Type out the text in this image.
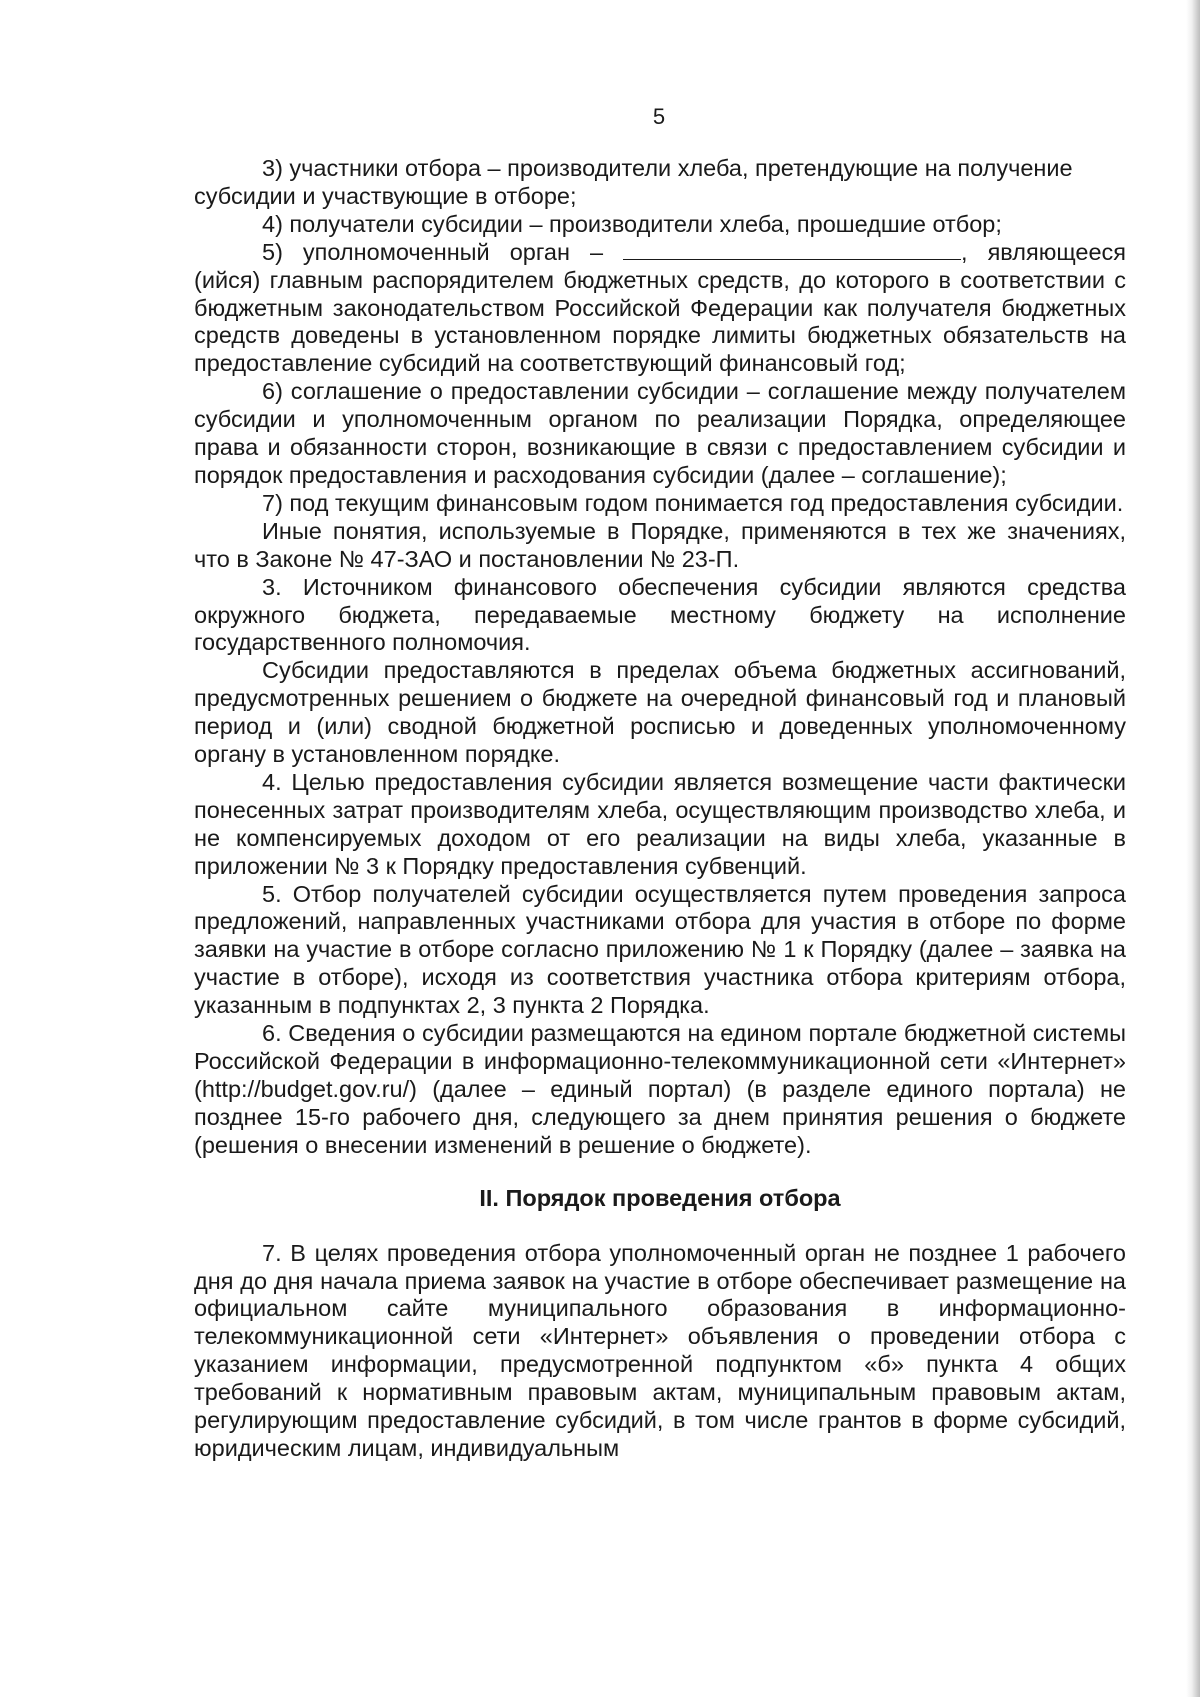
5

3) участники отбора – производители хлеба, претендующие на получение субсидии и участвующие в отборе;

4) получатели субсидии – производители хлеба, прошедшие отбор;

5) уполномоченный орган –	, являющееся (ийся) главным распорядителем бюджетных средств, до которого в соответствии с бюджетным законодательством Российской Федерации как получателя бюджетных средств доведены в установленном порядке лимиты бюджетных обязательств на предоставление субсидий на соответствующий финансовый год;

6) соглашение о предоставлении субсидии – соглашение между получателем субсидии и уполномоченным органом по реализации Порядка, определяющее права и обязанности сторон, возникающие в связи с предоставлением субсидии и порядок предоставления и расходования субсидии (далее – соглашение);

7) под текущим финансовым годом понимается год предоставления субсидии.

Иные понятия, используемые в Порядке, применяются в тех же значениях, что в Законе № 47-ЗАО и постановлении № 23-П.

3. Источником финансового обеспечения субсидии являются средства окружного бюджета, передаваемые местному бюджету на исполнение государственного полномочия.

Субсидии предоставляются в пределах объема бюджетных ассигнований, предусмотренных решением о бюджете на очередной финансовый год и плановый период и (или) сводной бюджетной росписью и доведенных уполномоченному органу в установленном порядке.

4. Целью предоставления субсидии является возмещение части фактически понесенных затрат производителям хлеба, осуществляющим производство хлеба, и не компенсируемых доходом от его реализации на виды хлеба, указанные в приложении № 3 к Порядку предоставления субвенций.

5. Отбор получателей субсидии осуществляется путем проведения запроса предложений, направленных участниками отбора для участия в отборе по форме заявки на участие в отборе согласно приложению № 1 к Порядку (далее – заявка на участие в отборе), исходя из соответствия участника отбора критериям отбора, указанным в подпунктах 2, 3 пункта 2 Порядка.

6. Сведения о субсидии размещаются на едином портале бюджетной системы Российской Федерации в информационно-телекоммуникационной сети «Интернет» (http://budget.gov.ru/) (далее – единый портал) (в разделе единого портала) не позднее 15-го рабочего дня, следующего за днем принятия решения о бюджете (решения о внесении изменений в решение о бюджете).

II. Порядок проведения отбора

7. В целях проведения отбора уполномоченный орган не позднее 1 рабочего дня до дня начала приема заявок на участие в отборе обеспечивает размещение на официальном сайте муниципального образования в информационно-телекоммуникационной сети «Интернет» объявления о проведении отбора с указанием информации, предусмотренной подпунктом «б» пункта 4 общих требований к нормативным правовым актам, муниципальным правовым актам, регулирующим предоставление субсидий, в том числе грантов в форме субсидий, юридическим лицам, индивидуальным
